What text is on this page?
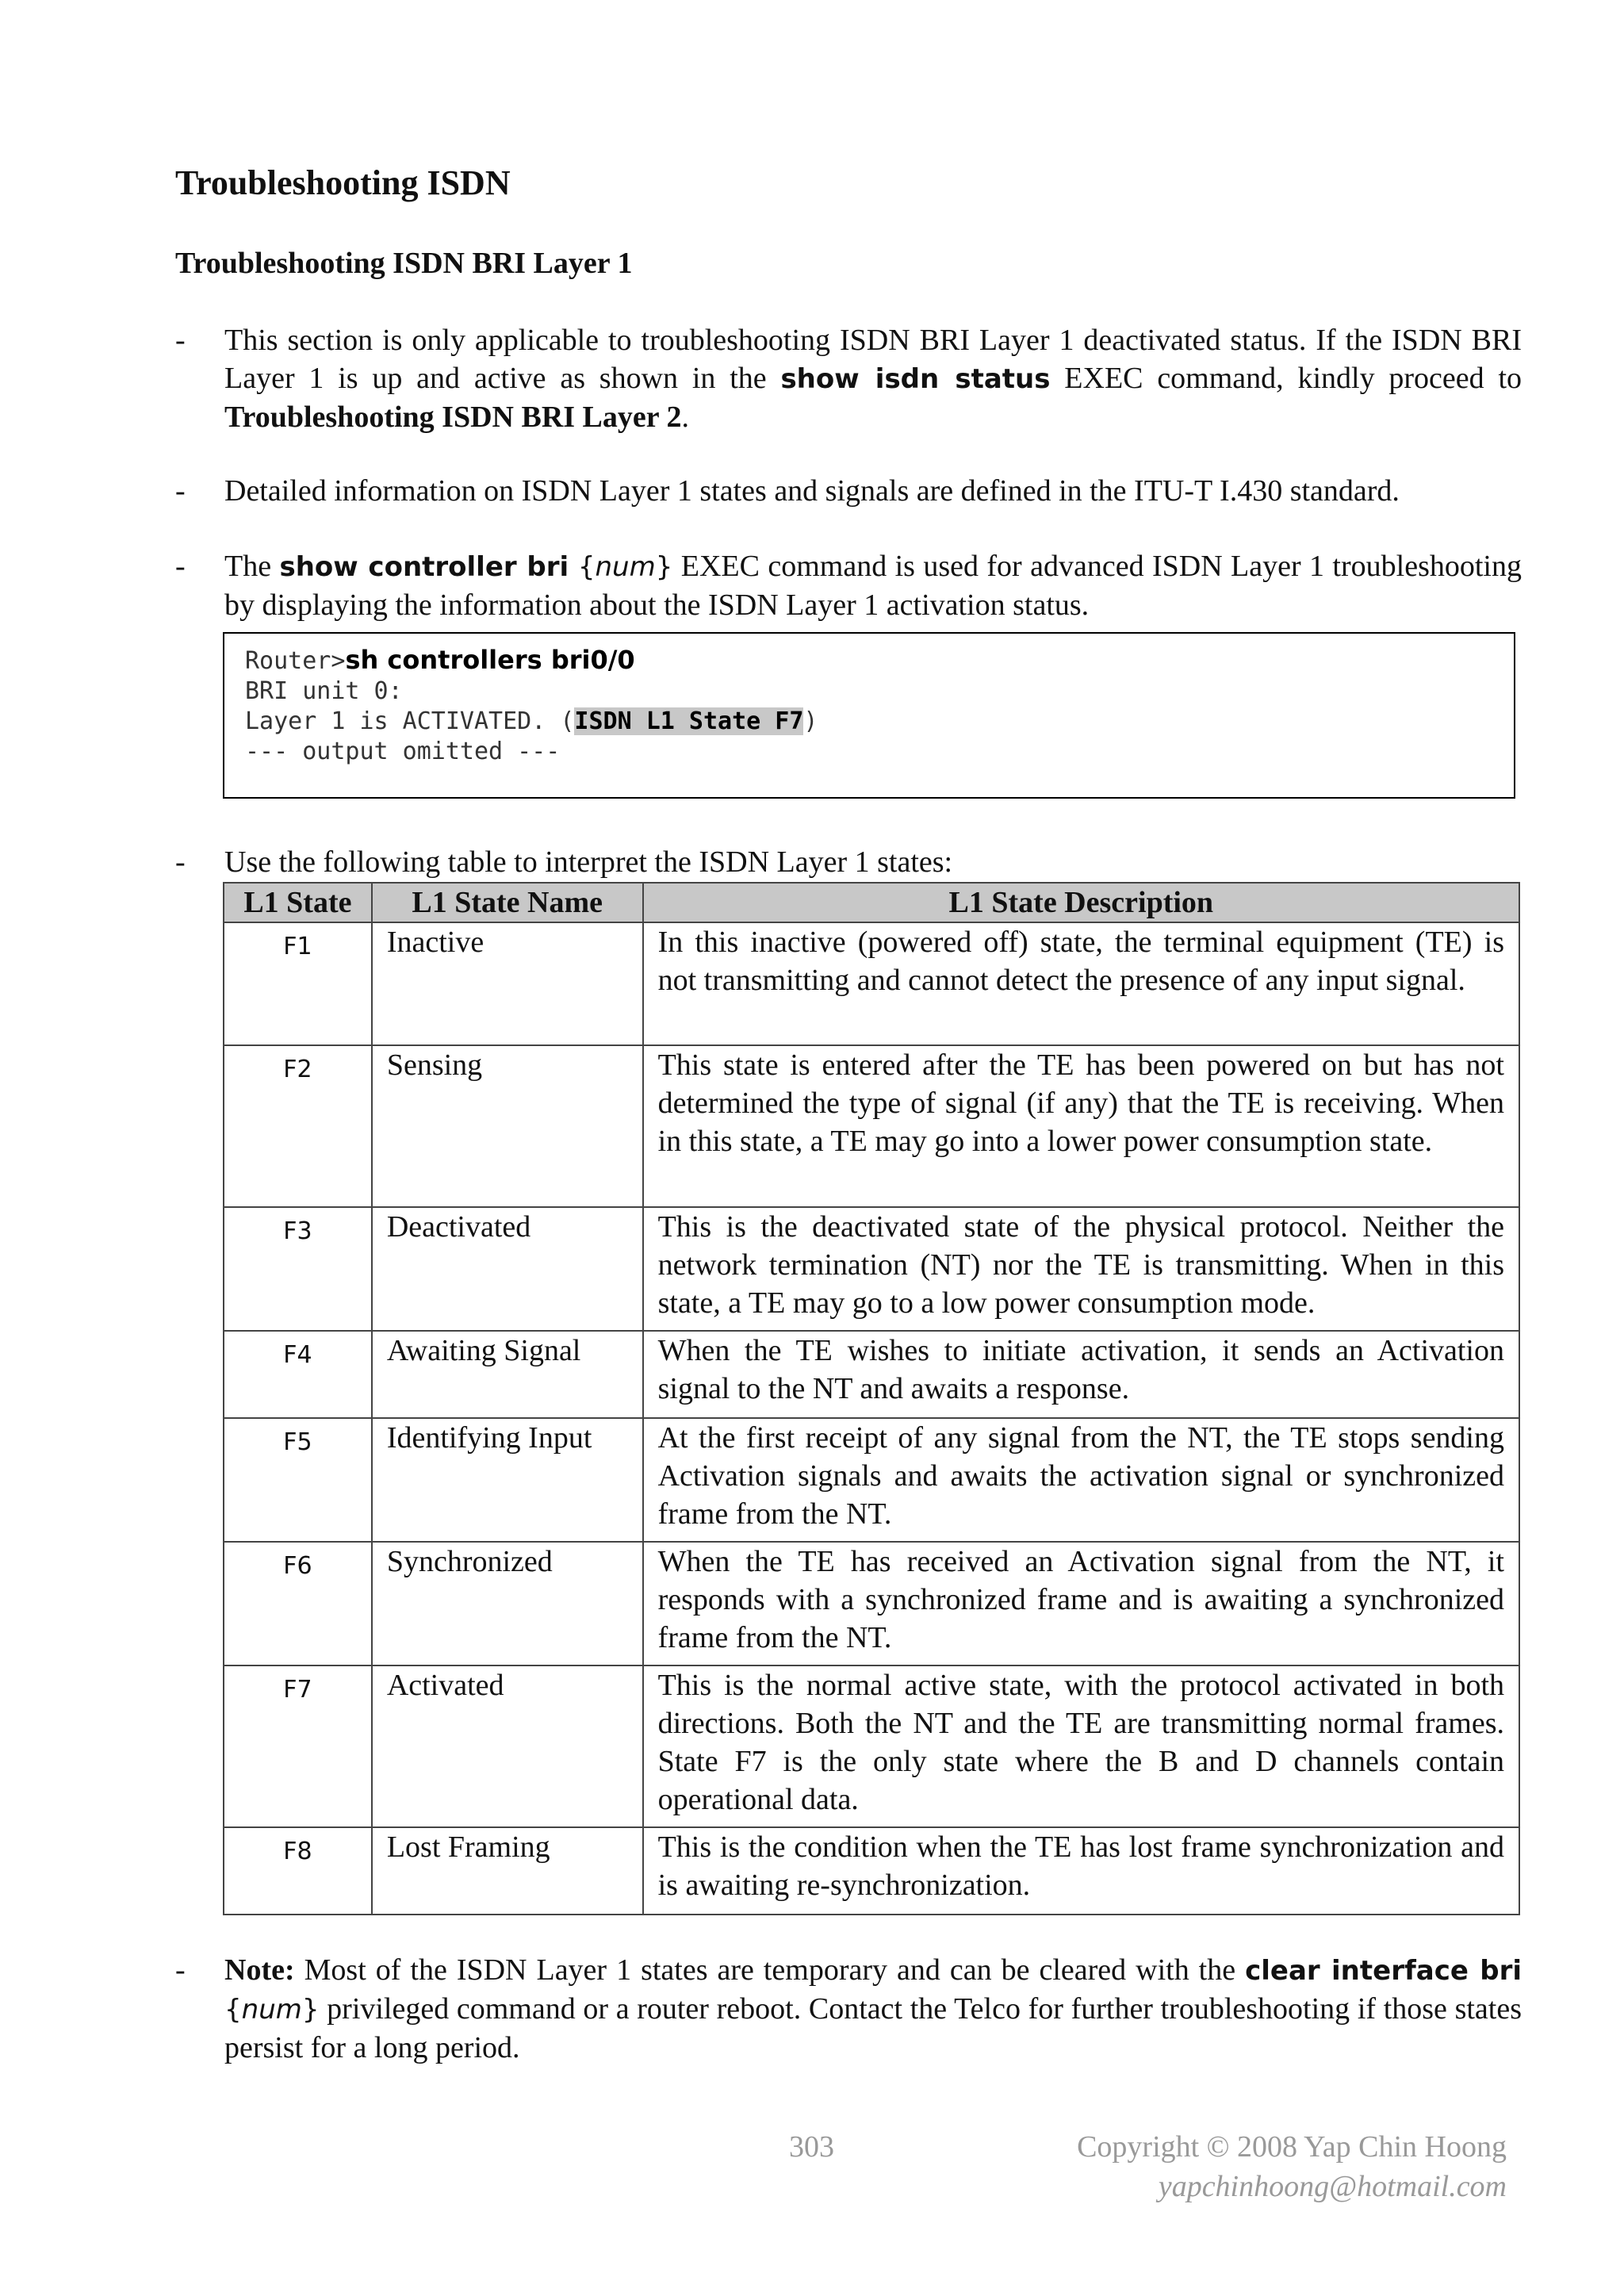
Troubleshooting ISDN
Troubleshooting ISDN BRI Layer 1
- This section is only applicable to troubleshooting ISDN BRI Layer 1 deactivated status. If the ISDN BRI Layer 1 is up and active as shown in the show isdn status EXEC command, kindly proceed to Troubleshooting ISDN BRI Layer 2.
- Detailed information on ISDN Layer 1 states and signals are defined in the ITU-T I.430 standard.
- The show controller bri {num} EXEC command is used for advanced ISDN Layer 1 troubleshooting by displaying the information about the ISDN Layer 1 activation status.
Router>sh controllers bri0/0
BRI unit 0:
Layer 1 is ACTIVATED. (ISDN L1 State F7)
--- output omitted ---
- Use the following table to interpret the ISDN Layer 1 states:
L1 State	L1 State Name	L1 State Description
F1	Inactive	In this inactive (powered off) state, the terminal equipment (TE) is not transmitting and cannot detect the presence of any input signal.
F2	Sensing	This state is entered after the TE has been powered on but has not determined the type of signal (if any) that the TE is receiving. When in this state, a TE may go into a lower power consumption state.
F3	Deactivated	This is the deactivated state of the physical protocol. Neither the network termination (NT) nor the TE is transmitting. When in this state, a TE may go to a low power consumption mode.
F4	Awaiting Signal	When the TE wishes to initiate activation, it sends an Activation signal to the NT and awaits a response.
F5	Identifying Input	At the first receipt of any signal from the NT, the TE stops sending Activation signals and awaits the activation signal or synchronized frame from the NT.
F6	Synchronized	When the TE has received an Activation signal from the NT, it responds with a synchronized frame and is awaiting a synchronized frame from the NT.
F7	Activated	This is the normal active state, with the protocol activated in both directions. Both the NT and the TE are transmitting normal frames. State F7 is the only state where the B and D channels contain operational data.
F8	Lost Framing	This is the condition when the TE has lost frame synchronization and is awaiting re-synchronization.
- Note: Most of the ISDN Layer 1 states are temporary and can be cleared with the clear interface bri {num} privileged command or a router reboot. Contact the Telco for further troubleshooting if those states persist for a long period.
303	Copyright © 2008 Yap Chin Hoong
yapchinhoong@hotmail.com
